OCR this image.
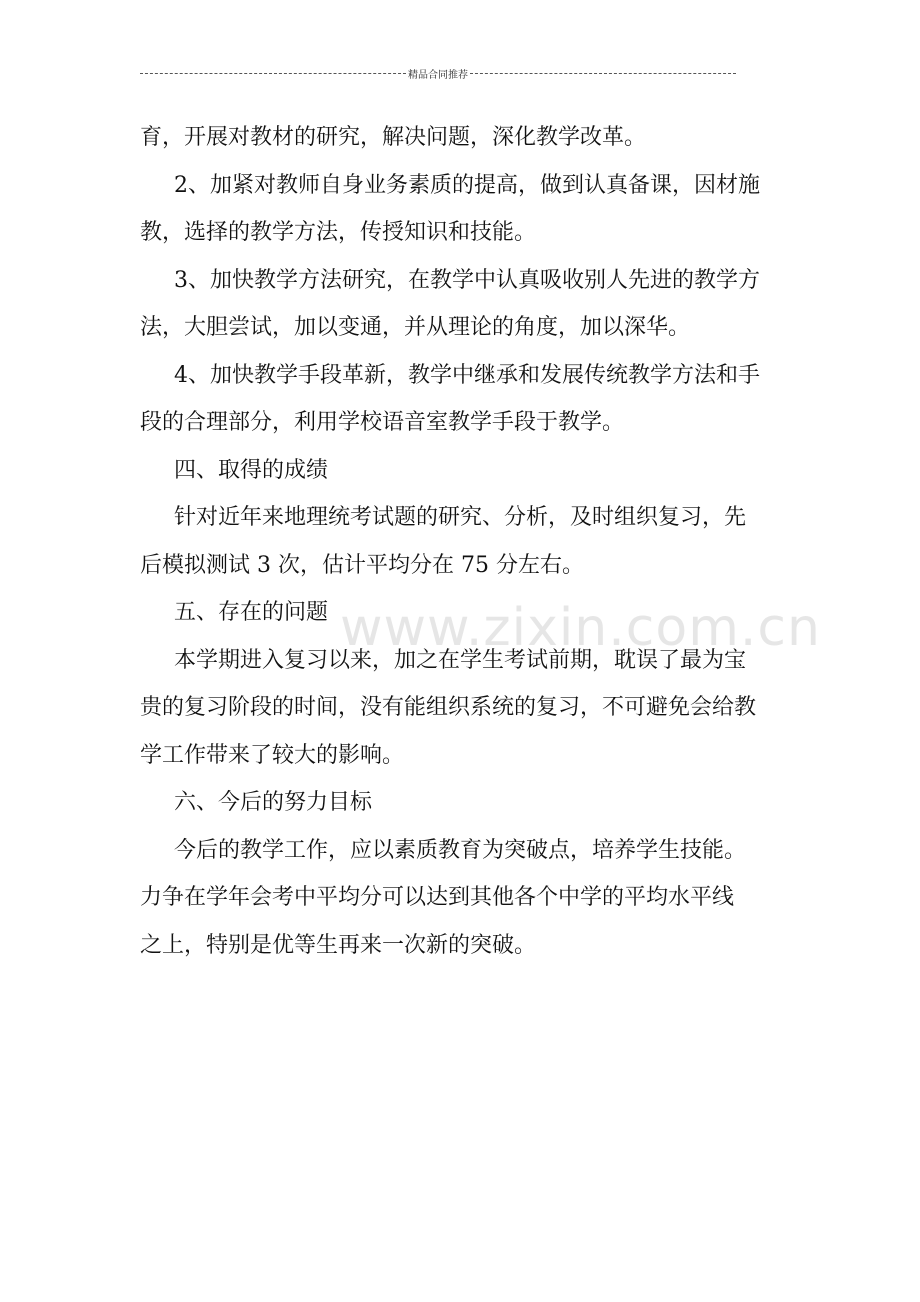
精品合同推荐
www.zixin.com.cn

育，开展对教材的研究，解决问题，深化教学改革。

2、加紧对教师自身业务素质的提高，做到认真备课，因材施

教，选择的教学方法，传授知识和技能。

3、加快教学方法研究，在教学中认真吸收别人先进的教学方

法，大胆尝试，加以变通，并从理论的角度，加以深华。

4、加快教学手段革新，教学中继承和发展传统教学方法和手

段的合理部分，利用学校语音室教学手段于教学。

四、取得的成绩

针对近年来地理统考试题的研究、分析，及时组织复习，先

后模拟测试 3 次，估计平均分在 75 分左右。

五、存在的问题

本学期进入复习以来，加之在学生考试前期，耽误了最为宝

贵的复习阶段的时间，没有能组织系统的复习，不可避免会给教

学工作带来了较大的影响。

六、今后的努力目标

今后的教学工作，应以素质教育为突破点，培养学生技能。

力争在学年会考中平均分可以达到其他各个中学的平均水平线

之上，特别是优等生再来一次新的突破。
